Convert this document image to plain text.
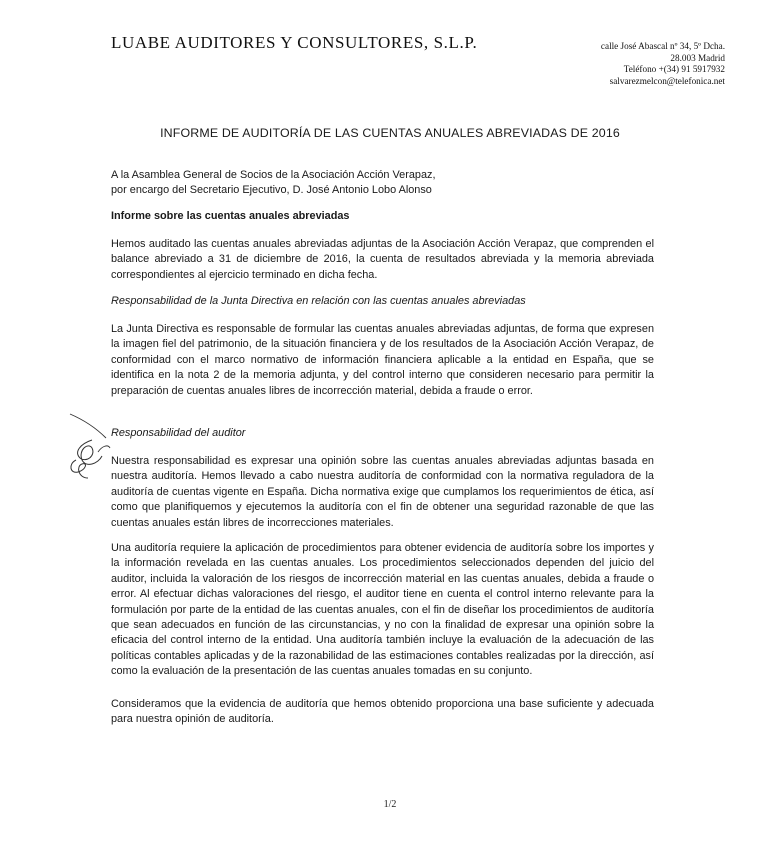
LUABE AUDITORES Y CONSULTORES, S.L.P.	calle José Abascal nº 34, 5º Dcha.
28.003 Madrid
Teléfono +(34) 91 5917932
salvarezmelcon@telefonica.net
INFORME DE AUDITORÍA DE LAS CUENTAS ANUALES ABREVIADAS DE 2016
A la Asamblea General de Socios de la Asociación Acción Verapaz,
por encargo del Secretario Ejecutivo, D. José Antonio Lobo Alonso
Informe sobre las cuentas anuales abreviadas

Hemos auditado las cuentas anuales abreviadas adjuntas de la Asociación Acción Verapaz, que comprenden el balance abreviado a 31 de diciembre de 2016, la cuenta de resultados abreviada y la memoria abreviada correspondientes al ejercicio terminado en dicha fecha.

Responsabilidad de la Junta Directiva en relación con las cuentas anuales abreviadas

La Junta Directiva es responsable de formular las cuentas anuales abreviadas adjuntas, de forma que expresen la imagen fiel del patrimonio, de la situación financiera y de los resultados de la Asociación Acción Verapaz, de conformidad con el marco normativo de información financiera aplicable a la entidad en España, que se identifica en la nota 2 de la memoria adjunta, y del control interno que consideren necesario para permitir la preparación de cuentas anuales libres de incorrección material, debida a fraude o error.

Responsabilidad del auditor

Nuestra responsabilidad es expresar una opinión sobre las cuentas anuales abreviadas adjuntas basada en nuestra auditoría. Hemos llevado a cabo nuestra auditoría de conformidad con la normativa reguladora de la auditoría de cuentas vigente en España. Dicha normativa exige que cumplamos los requerimientos de ética, así como que planifiquemos y ejecutemos la auditoría con el fin de obtener una seguridad razonable de que las cuentas anuales están libres de incorrecciones materiales.

Una auditoría requiere la aplicación de procedimientos para obtener evidencia de auditoría sobre los importes y la información revelada en las cuentas anuales. Los procedimientos seleccionados dependen del juicio del auditor, incluida la valoración de los riesgos de incorrección material en las cuentas anuales, debida a fraude o error. Al efectuar dichas valoraciones del riesgo, el auditor tiene en cuenta el control interno relevante para la formulación por parte de la entidad de las cuentas anuales, con el fin de diseñar los procedimientos de auditoría que sean adecuados en función de las circunstancias, y no con la finalidad de expresar una opinión sobre la eficacia del control interno de la entidad. Una auditoría también incluye la evaluación de la adecuación de las políticas contables aplicadas y de la razonabilidad de las estimaciones contables realizadas por la dirección, así como la evaluación de la presentación de las cuentas anuales tomadas en su conjunto.

Consideramos que la evidencia de auditoría que hemos obtenido proporciona una base suficiente y adecuada para nuestra opinión de auditoría.

1/2
